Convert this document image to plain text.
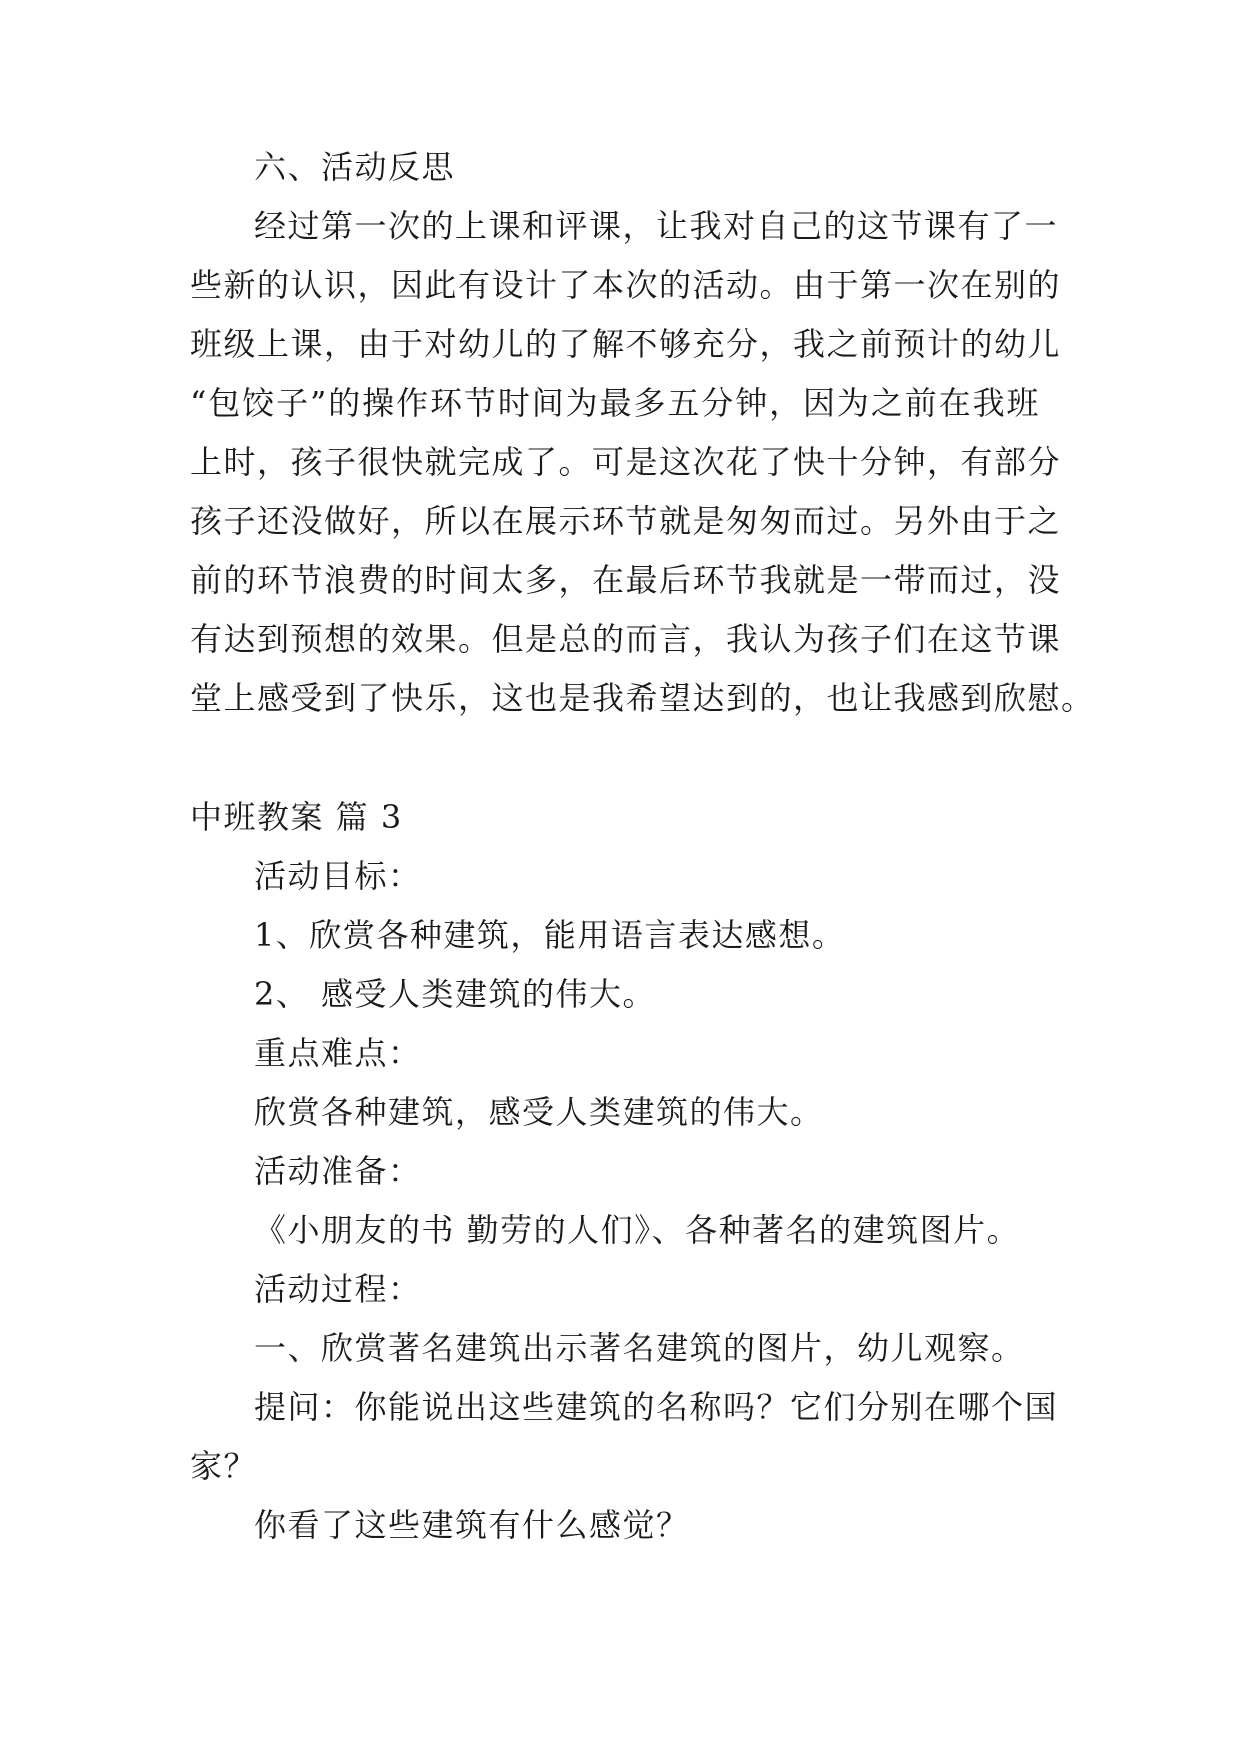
六、活动反思
经过第一次的上课和评课，让我对自己的这节课有了一
些新的认识，因此有设计了本次的活动。由于第一次在别的
班级上课，由于对幼儿的了解不够充分，我之前预计的幼儿
“包饺子”的操作环节时间为最多五分钟，因为之前在我班
上时，孩子很快就完成了。可是这次花了快十分钟，有部分
孩子还没做好，所以在展示环节就是匆匆而过。另外由于之
前的环节浪费的时间太多，在最后环节我就是一带而过，没
有达到预想的效果。但是总的而言，我认为孩子们在这节课
堂上感受到了快乐，这也是我希望达到的，也让我感到欣慰。
中班教案 篇 3
活动目标：
1、欣赏各种建筑，能用语言表达感想。
2、 感受人类建筑的伟大。
重点难点：
欣赏各种建筑，感受人类建筑的伟大。
活动准备：
《小朋友的书 勤劳的人们》、各种著名的建筑图片。
活动过程：
一、欣赏著名建筑出示著名建筑的图片，幼儿观察。
提问：你能说出这些建筑的名称吗？它们分别在哪个国
家？
你看了这些建筑有什么感觉？
